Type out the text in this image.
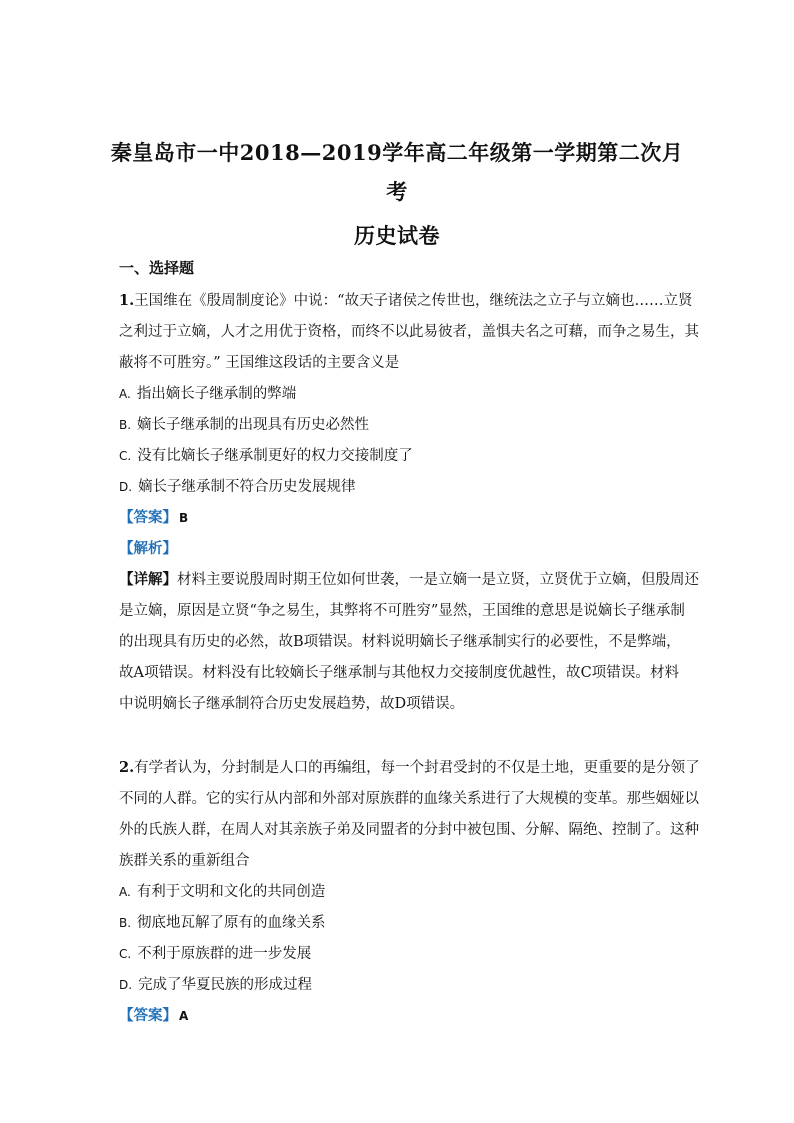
秦皇岛市一中2018—2019学年高二年级第一学期第二次月
考
历史试卷
一、选择题
1.王国维在《殷周制度论》中说：“故天子诸侯之传世也，继统法之立子与立嫡也……立贤
之利过于立嫡，人才之用优于资格，而终不以此易彼者，盖惧夫名之可藉，而争之易生，其
蔽将不可胜穷。” 王国维这段话的主要含义是
A. 指出嫡长子继承制的弊端
B. 嫡长子继承制的出现具有历史必然性
C. 没有比嫡长子继承制更好的权力交接制度了
D. 嫡长子继承制不符合历史发展规律
【答案】 B
【解析】
【详解】材料主要说殷周时期王位如何世袭，一是立嫡一是立贤，立贤优于立嫡，但殷周还
是立嫡，原因是立贤“争之易生，其弊将不可胜穷”显然，王国维的意思是说嫡长子继承制
的出现具有历史的必然，故B项错误。材料说明嫡长子继承制实行的必要性，不是弊端，
故A项错误。材料没有比较嫡长子继承制与其他权力交接制度优越性，故C项错误。材料
中说明嫡长子继承制符合历史发展趋势，故D项错误。
2.有学者认为，分封制是人口的再编组，每一个封君受封的不仅是土地，更重要的是分领了
不同的人群。它的实行从内部和外部对原族群的血缘关系进行了大规模的变革。那些姻娅以
外的氏族人群，在周人对其亲族子弟及同盟者的分封中被包围、分解、隔绝、控制了。这种
族群关系的重新组合
A. 有利于文明和文化的共同创造
B. 彻底地瓦解了原有的血缘关系
C. 不利于原族群的进一步发展
D. 完成了华夏民族的形成过程
【答案】 A
